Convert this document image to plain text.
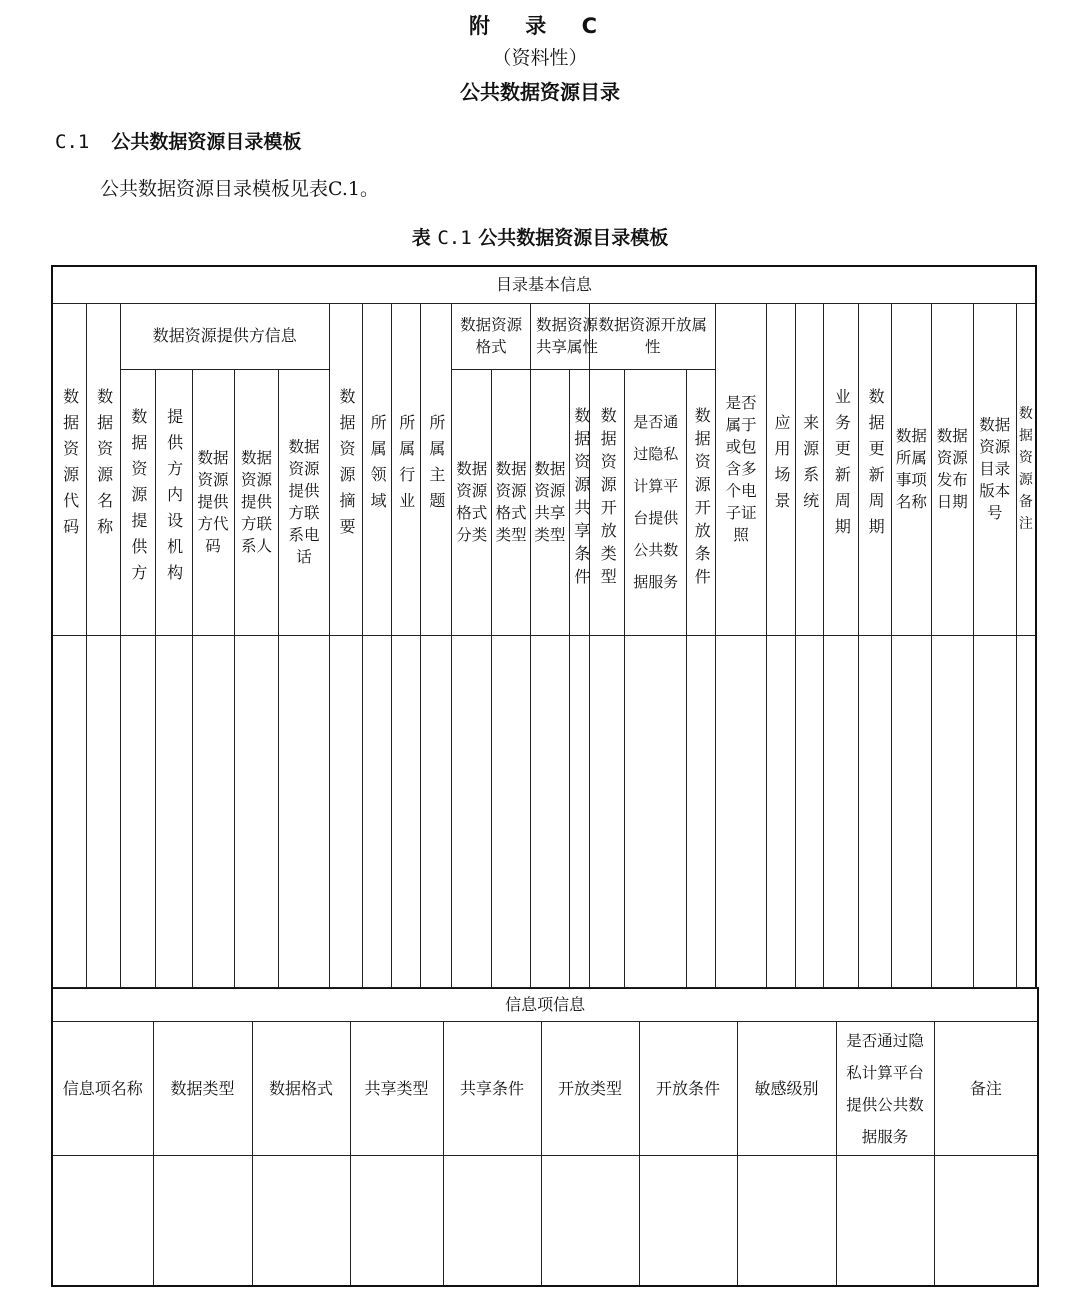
附 录 C
（资料性）
公共数据资源目录
C.1 公共数据资源目录模板
公共数据资源目录模板见表C.1。
表 C.1 公共数据资源目录模板
目录基本信息																										
数据资源代码	数据资源名称	数据资源提供方信息					数据资源摘要	所属领域	所属行业	所属主题	数据资源格式		数据资源共享属性		数据资源开放属性			是否属于或包含多个电子证照	应用场景	来源系统	业务更新周期	数据更新周期	数据所属事项名称	数据资源发布日期	数据资源目录版本号	数据资源备注
		数据资源提供方	提供方内设机构	数据资源提供方代码	数据资源提供方联系人	数据资源提供方联系电话					数据资源格式分类	数据资源格式类型	数据资源共享类型	数据资源共享条件	数据资源开放类型	是否通过隐私计算平台提供公共数据服务	数据资源开放条件									

信息项信息									
信息项名称	数据类型	数据格式	共享类型	共享条件	开放类型	开放条件	敏感级别	是否通过隐私计算平台提供公共数据服务	备注
